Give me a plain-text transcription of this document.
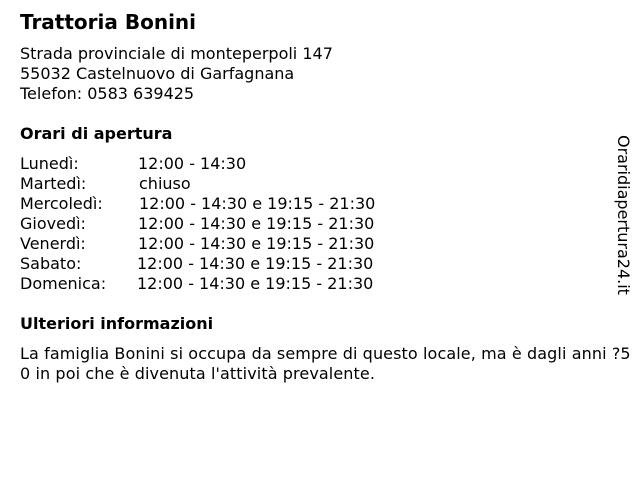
Trattoria Bonini
Strada provinciale di monteperpoli 147
55032 Castelnuovo di Garfagnana
Telefon: 0583 639425
Orari di apertura
Lunedì:	12:00 - 14:30
Martedì:	chiuso
Mercoledì: 12:00 - 14:30 e 19:15 - 21:30
Giovedì:	12:00 - 14:30 e 19:15 - 21:30
Venerdì:	12:00 - 14:30 e 19:15 - 21:30
Sabato:	12:00 - 14:30 e 19:15 - 21:30
Domenica: 12:00 - 14:30 e 19:15 - 21:30
Ulteriori informazioni
La famiglia Bonini si occupa da sempre di questo locale, ma è dagli anni ?50 in poi che è divenuta l'attività prevalente.
Oraridiapertura24.it
